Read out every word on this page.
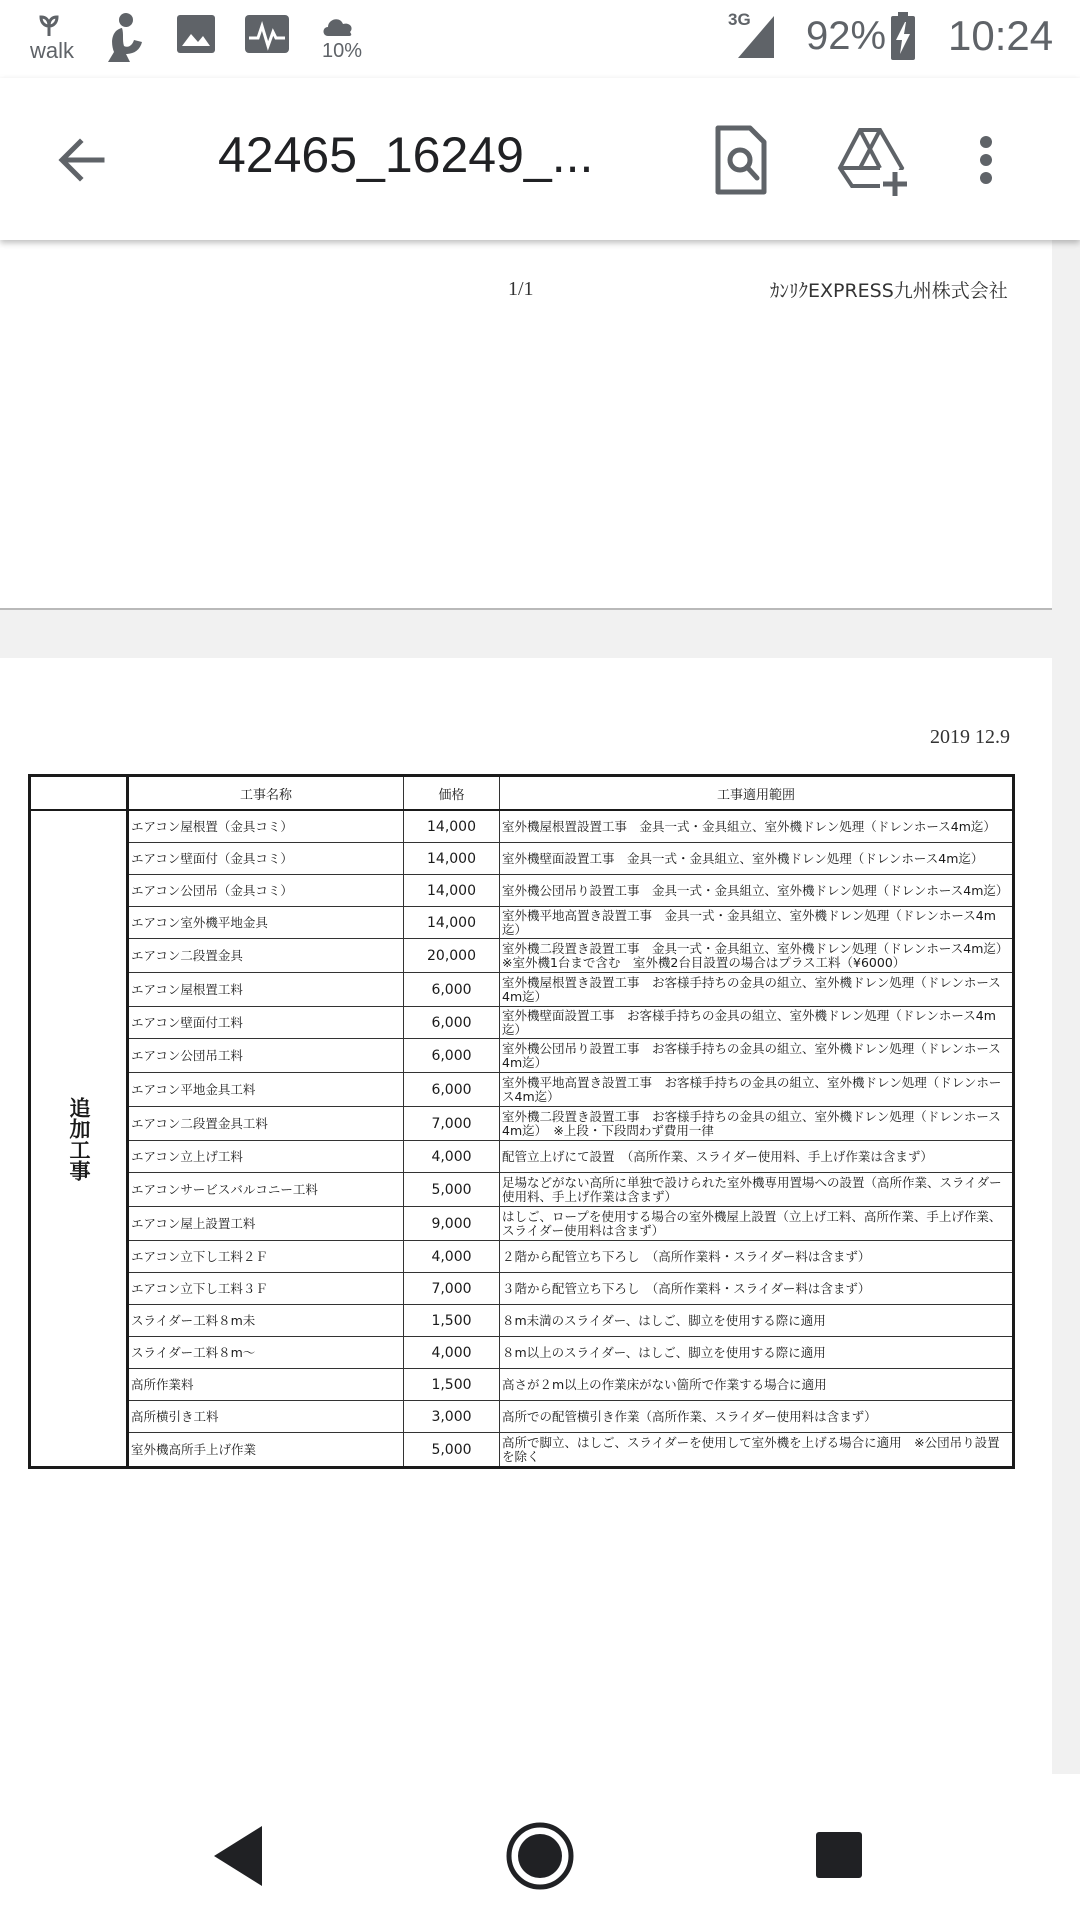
walk	10%
3G 92% 10:24
42465_16249_...
1/1	ｶﾝﾘｸEXPRESS九州株式会社
2019 12.9
	工事名称	価格	工事適用範囲

追加工事	エアコン屋根置（金具コミ）	14,000	室外機屋根置設置工事　金具一式・金具組立、室外機ドレン処理（ドレンホース4m迄）
	エアコン壁面付（金具コミ）	14,000	室外機壁面設置工事　金具一式・金具組立、室外機ドレン処理（ドレンホース4m迄）
	エアコン公団吊（金具コミ）	14,000	室外機公団吊り設置工事　金具一式・金具組立、室外機ドレン処理（ドレンホース4m迄）
	エアコン室外機平地金具	14,000	室外機平地高置き設置工事　金具一式・金具組立、室外機ドレン処理（ドレンホース4m迄）
	エアコン二段置金具	20,000	室外機二段置き設置工事　金具一式・金具組立、室外機ドレン処理（ドレンホース4m迄）※室外機1台まで含む　室外機2台目設置の場合はプラス工料（¥6000）
	エアコン屋根置工料	6,000	室外機屋根置き設置工事　お客様手持ちの金具の組立、室外機ドレン処理（ドレンホース4m迄）
	エアコン壁面付工料	6,000	室外機壁面設置工事　お客様手持ちの金具の組立、室外機ドレン処理（ドレンホース4m迄）
	エアコン公団吊工料	6,000	室外機公団吊り設置工事　お客様手持ちの金具の組立、室外機ドレン処理（ドレンホース4m迄）
	エアコン平地金具工料	6,000	室外機平地高置き設置工事　お客様手持ちの金具の組立、室外機ドレン処理（ドレンホース4m迄）
	エアコン二段置金具工料	7,000	室外機二段置き設置工事　お客様手持ちの金具の組立、室外機ドレン処理（ドレンホース4m迄）　※上段・下段問わず費用一律
	エアコン立上げ工料	4,000	配管立上げにて設置　（高所作業、スライダー使用料、手上げ作業は含まず）
	エアコンサービスバルコニー工料	5,000	足場などがない高所に単独で設けられた室外機専用置場への設置（高所作業、スライダー使用料、手上げ作業は含まず）
	エアコン屋上設置工料	9,000	はしご、ロープを使用する場合の室外機屋上設置（立上げ工料、高所作業、手上げ作業、スライダー使用料は含まず）
	エアコン立下し工料２Ｆ	4,000	２階から配管立ち下ろし　（高所作業料・スライダー料は含まず）
	エアコン立下し工料３Ｆ	7,000	３階から配管立ち下ろし　（高所作業料・スライダー料は含まず）
	スライダー工料８m未	1,500	８m未満のスライダー、はしご、脚立を使用する際に適用
	スライダー工料８m～	4,000	８m以上のスライダー、はしご、脚立を使用する際に適用
	高所作業料	1,500	高さが２m以上の作業床がない箇所で作業する場合に適用
	高所横引き工料	3,000	高所での配管横引き作業（高所作業、スライダー使用料は含まず）
	室外機高所手上げ作業	5,000	高所で脚立、はしご、スライダーを使用して室外機を上げる場合に適用　※公団吊り設置を除く
